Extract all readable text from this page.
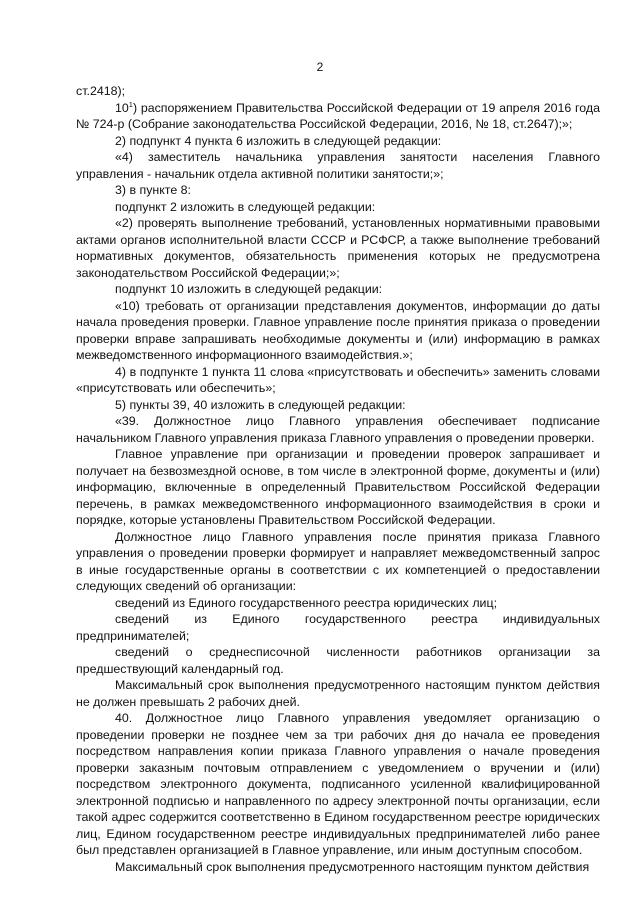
2

ст.2418);

$10^1$) распоряжением Правительства Российской Федерации от 19 апреля 2016 года № 724-р (Собрание законодательства Российской Федерации, 2016, № 18, ст.2647);»;

2) подпункт 4 пункта 6 изложить в следующей редакции:

«4) заместитель начальника управления занятости населения Главного управления - начальник отдела активной политики занятости;»;

3) в пункте 8:

подпункт 2 изложить в следующей редакции:

«2) проверять выполнение требований, установленных нормативными правовыми актами органов исполнительной власти СССР и РСФСР, а также выполнение требований нормативных документов, обязательность применения которых не предусмотрена законодательством Российской Федерации;»;

подпункт 10 изложить в следующей редакции:

«10) требовать от организации представления документов, информации до даты начала проведения проверки. Главное управление после принятия приказа о проведении проверки вправе запрашивать необходимые документы и (или) информацию в рамках межведомственного информационного взаимодействия.»;

4) в подпункте 1 пункта 11 слова «присутствовать и обеспечить» заменить словами «присутствовать или обеспечить»;

5) пункты 39, 40 изложить в следующей редакции:

«39. Должностное лицо Главного управления обеспечивает подписание начальником Главного управления приказа Главного управления о проведении проверки.

Главное управление при организации и проведении проверок запрашивает и получает на безвозмездной основе, в том числе в электронной форме, документы и (или) информацию, включенные в определенный Правительством Российской Федерации перечень, в рамках межведомственного информационного взаимодействия в сроки и порядке, которые установлены Правительством Российской Федерации.

Должностное лицо Главного управления после принятия приказа Главного управления о проведении проверки формирует и направляет межведомственный запрос в иные государственные органы в соответствии с их компетенцией о предоставлении следующих сведений об организации:

сведений из Единого государственного реестра юридических лиц;

сведений из Единого государственного реестра индивидуальных предпринимателей;

сведений о среднесписочной численности работников организации за предшествующий календарный год.

Максимальный срок выполнения предусмотренного настоящим пунктом действия не должен превышать 2 рабочих дней.

40. Должностное лицо Главного управления уведомляет организацию о проведении проверки не позднее чем за три рабочих дня до начала ее проведения посредством направления копии приказа Главного управления о начале проведения проверки заказным почтовым отправлением с уведомлением о вручении и (или) посредством электронного документа, подписанного усиленной квалифицированной электронной подписью и направленного по адресу электронной почты организации, если такой адрес содержится соответственно в Едином государственном реестре юридических лиц, Едином государственном реестре индивидуальных предпринимателей либо ранее был представлен организацией в Главное управление, или иным доступным способом.

Максимальный срок выполнения предусмотренного настоящим пунктом действия
